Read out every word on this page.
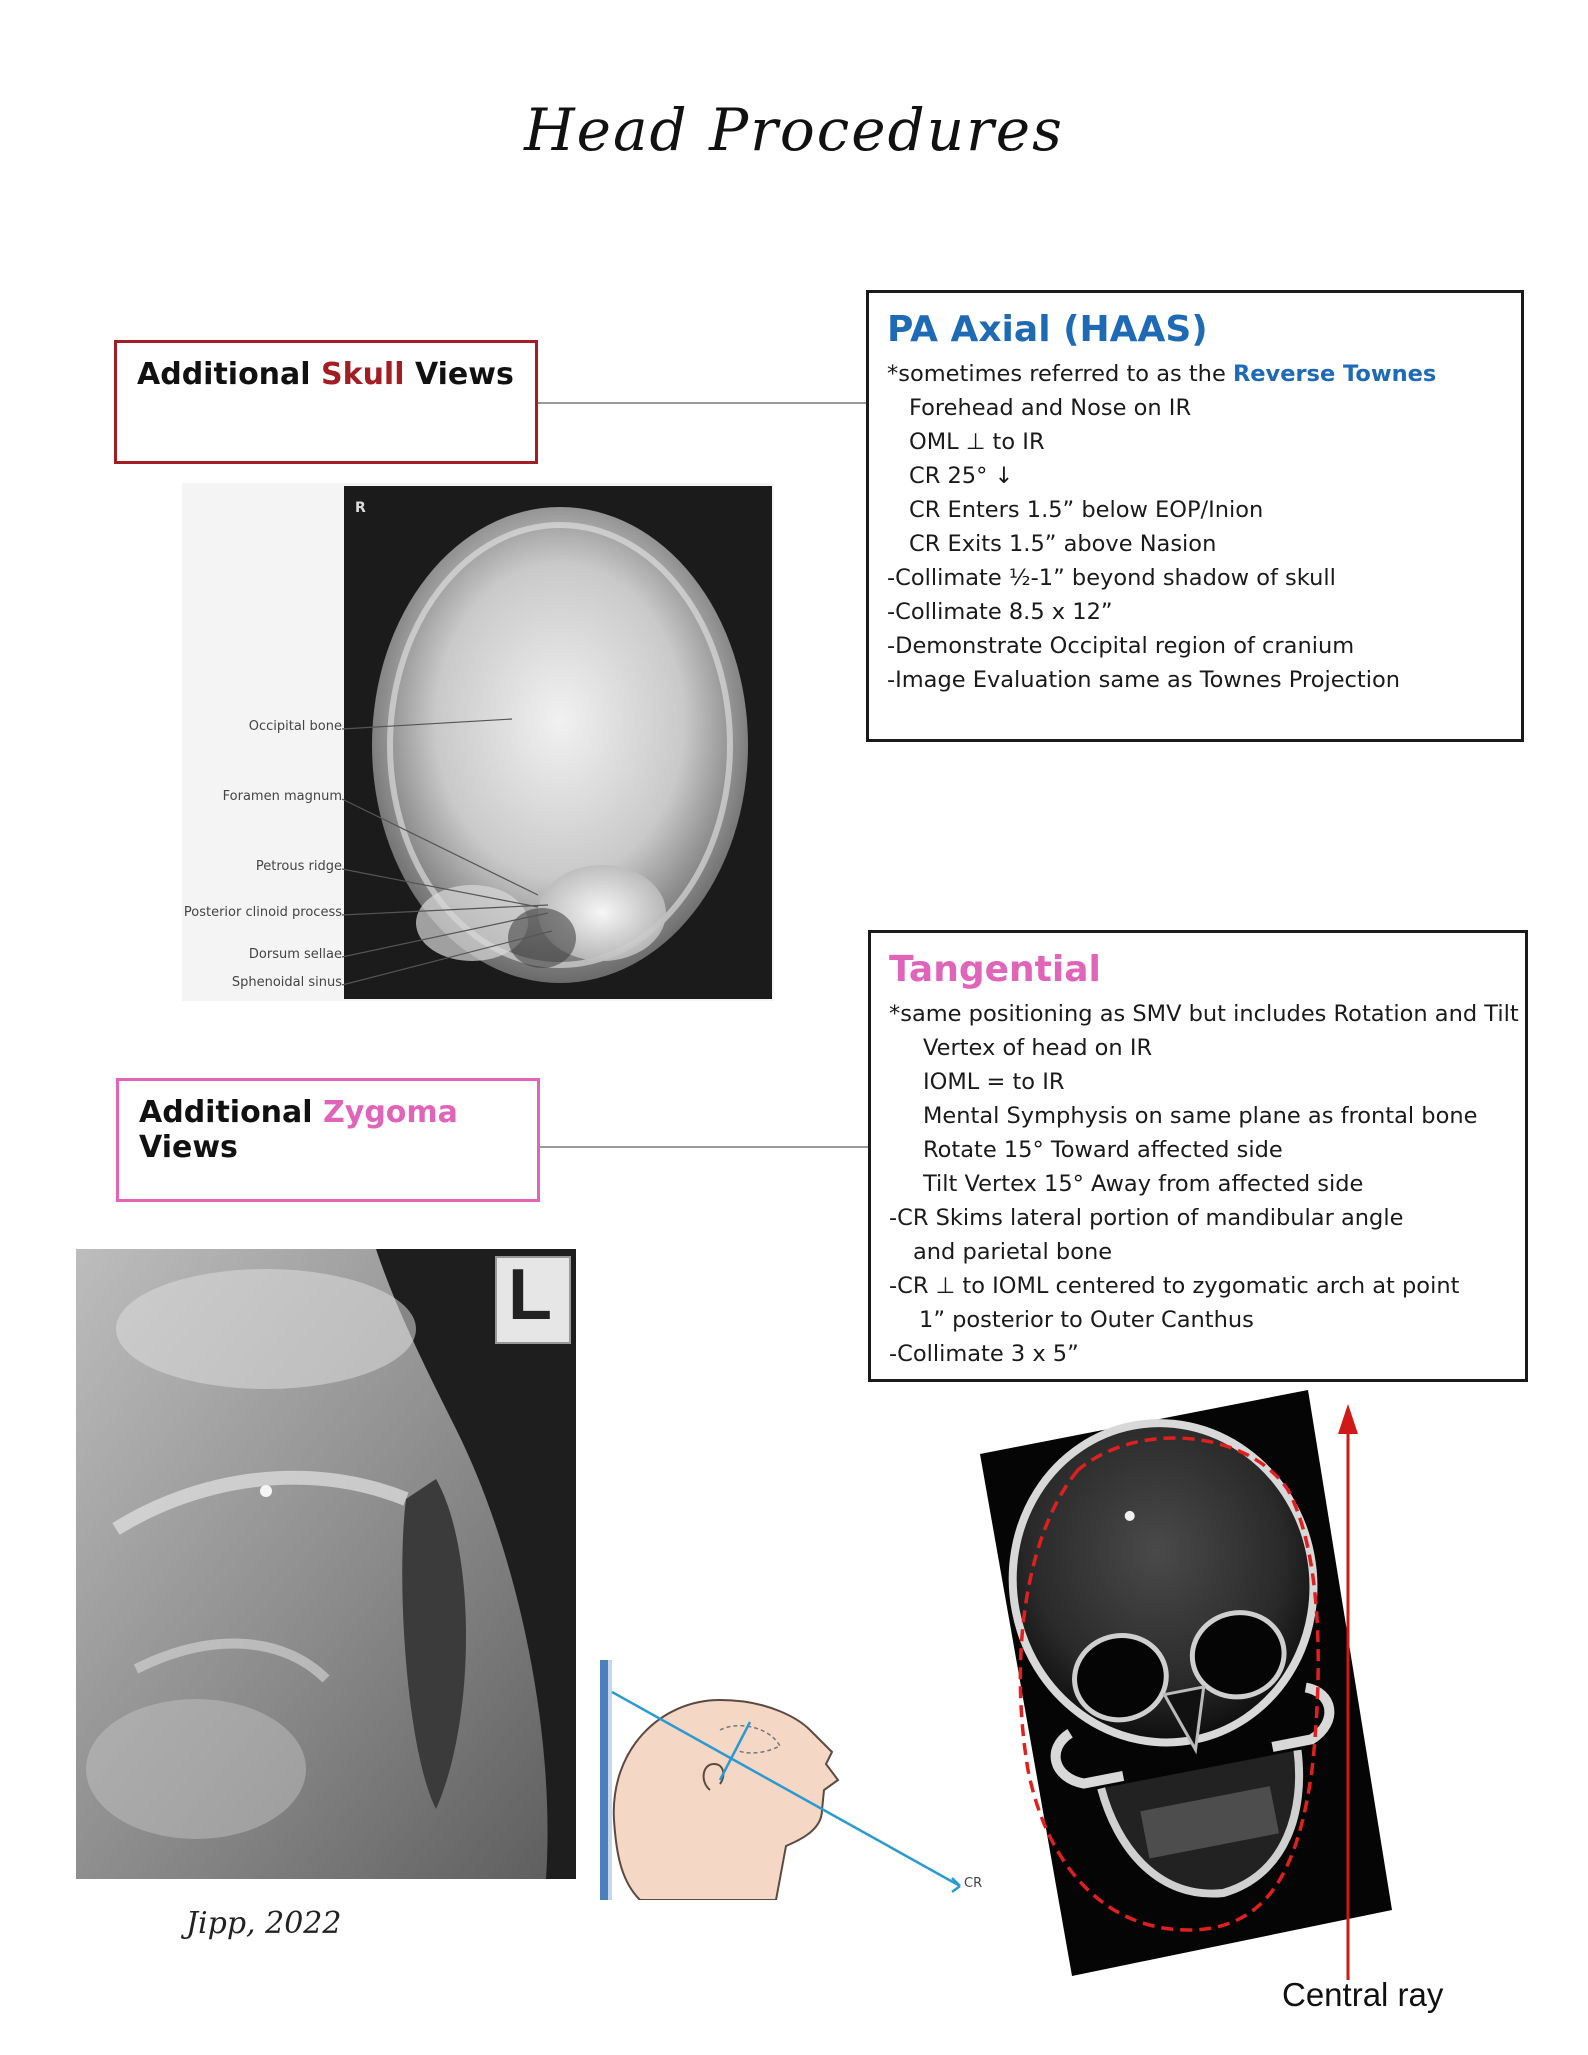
Head Procedures
Additional Skull Views
PA Axial (HAAS)
*sometimes referred to as the Reverse Townes
Forehead and Nose on IR
OML ⊥ to IR
CR 25° ↓
CR Enters 1.5” below EOP/Inion
CR Exits 1.5” above Nasion
-Collimate ½-1” beyond shadow of skull
-Collimate 8.5 x 12”
-Demonstrate Occipital region of cranium
-Image Evaluation same as Townes Projection
R
Occipital bone
Foramen magnum
Petrous ridge
Posterior clinoid process
Dorsum sellae
Sphenoidal sinus
Additional Zygoma Views
Tangential
*same positioning as SMV but includes Rotation and Tilt
Vertex of head on IR
IOML = to IR
Mental Symphysis on same plane as frontal bone
Rotate 15° Toward affected side
Tilt Vertex 15° Away from affected side
-CR Skims lateral portion of mandibular angle
and parietal bone
-CR ⊥ to IOML centered to zygomatic arch at point
1” posterior to Outer Canthus
-Collimate 3 x 5”
L
CR
Central ray
Jipp, 2022
